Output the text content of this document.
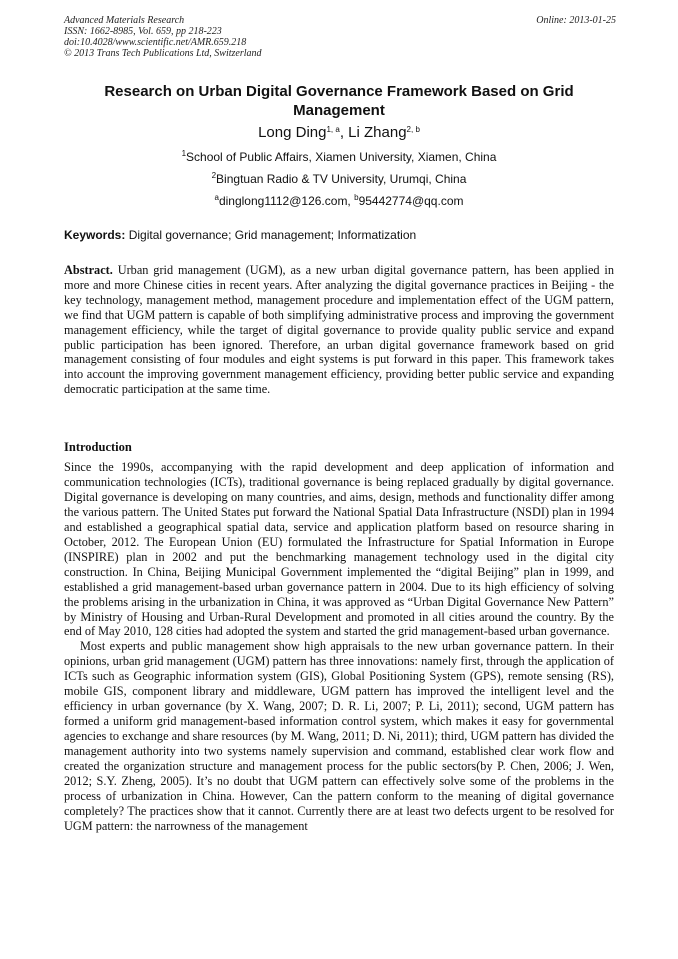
Advanced Materials Research
ISSN: 1662-8985, Vol. 659, pp 218-223
doi:10.4028/www.scientific.net/AMR.659.218
© 2013 Trans Tech Publications Ltd, Switzerland
Online: 2013-01-25
Research on Urban Digital Governance Framework Based on Grid Management
Long Ding$^{1, a}$, Li Zhang$^{2, b}$
$^1$School of Public Affairs, Xiamen University, Xiamen, China
$^2$Bingtuan Radio & TV University, Urumqi, China
$^a$dinglong1112@126.com, $^b$95442774@qq.com
Keywords: Digital governance; Grid management; Informatization

Abstract. Urban grid management (UGM), as a new urban digital governance pattern, has been applied in more and more Chinese cities in recent years. After analyzing the digital governance practices in Beijing - the key technology, management method, management procedure and implementation effect of the UGM pattern, we find that UGM pattern is capable of both simplifying administrative process and improving the government management efficiency, while the target of digital governance to provide quality public service and expand public participation has been ignored. Therefore, an urban digital governance framework based on grid management consisting of four modules and eight systems is put forward in this paper. This framework takes into account the improving government management efficiency, providing better public service and expanding democratic participation at the same time.

Introduction

Since the 1990s, accompanying with the rapid development and deep application of information and communication technologies (ICTs), traditional governance is being replaced gradually by digital governance. Digital governance is developing on many countries, and aims, design, methods and functionality differ among the various pattern. The United States put forward the National Spatial Data Infrastructure (NSDI) plan in 1994 and established a geographical spatial data, service and application platform based on resource sharing in October, 2012. The European Union (EU) formulated the Infrastructure for Spatial Information in Europe (INSPIRE) plan in 2002 and put the benchmarking management technology used in the digital city construction. In China, Beijing Municipal Government implemented the “digital Beijing” plan in 1999, and established a grid management-based urban governance pattern in 2004. Due to its high efficiency of solving the problems arising in the urbanization in China, it was approved as “Urban Digital Governance New Pattern” by Ministry of Housing and Urban-Rural Development and promoted in all cities around the country. By the end of May 2010, 128 cities had adopted the system and started the grid management-based urban governance.

Most experts and public management show high appraisals to the new urban governance pattern. In their opinions, urban grid management (UGM) pattern has three innovations: namely first, through the application of ICTs such as Geographic information system (GIS), Global Positioning System (GPS), remote sensing (RS), mobile GIS, component library and middleware, UGM pattern has improved the intelligent level and the efficiency in urban governance (by X. Wang, 2007; D. R. Li, 2007; P. Li, 2011); second, UGM pattern has formed a uniform grid management-based information control system, which makes it easy for governmental agencies to exchange and share resources (by M. Wang, 2011; D. Ni, 2011); third, UGM pattern has divided the management authority into two systems namely supervision and command, established clear work flow and created the organization structure and management process for the public sectors(by P. Chen, 2006; J. Wen, 2012; S.Y. Zheng, 2005). It’s no doubt that UGM pattern can effectively solve some of the problems in the process of urbanization in China. However, Can the pattern conform to the meaning of digital governance completely? The practices show that it cannot. Currently there are at least two defects urgent to be resolved for UGM pattern: the narrowness of the management
